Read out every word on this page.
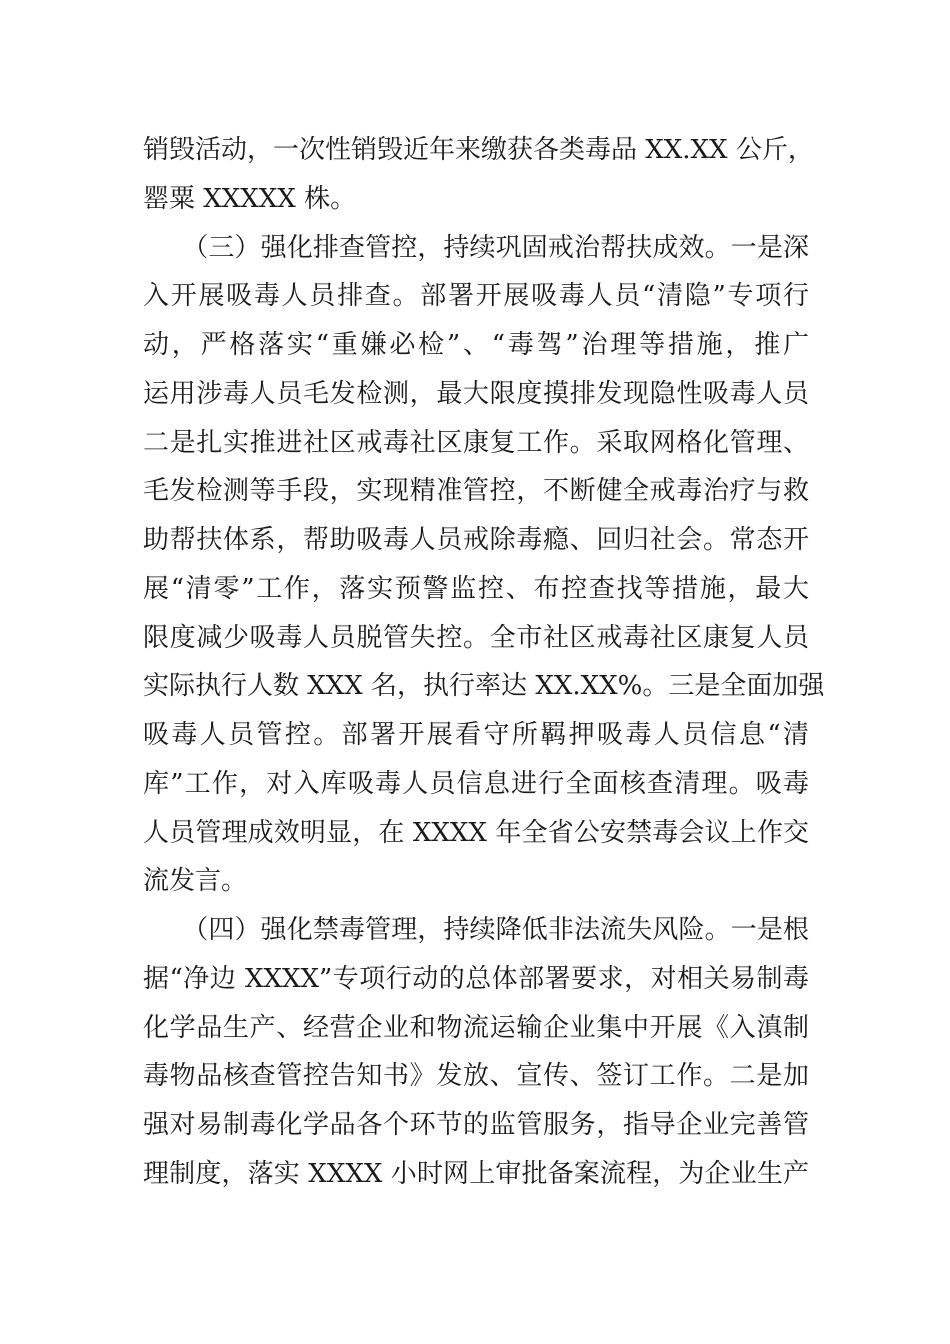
销毁活动，一次性销毁近年来缴获各类毒品 XX.XX 公斤，
罂粟 XXXXX 株。
　　（三）强化排查管控，持续巩固戒治帮扶成效。一是深
入开展吸毒人员排查。部署开展吸毒人员“清隐”专项行
动，严格落实“重嫌必检”、“毒驾”治理等措施，推广
运用涉毒人员毛发检测，最大限度摸排发现隐性吸毒人员
二是扎实推进社区戒毒社区康复工作。采取网格化管理、
毛发检测等手段，实现精准管控，不断健全戒毒治疗与救
助帮扶体系，帮助吸毒人员戒除毒瘾、回归社会。常态开
展“清零”工作，落实预警监控、布控查找等措施，最大
限度减少吸毒人员脱管失控。全市社区戒毒社区康复人员
实际执行人数 XXX 名，执行率达 XX.XX%。三是全面加强
吸毒人员管控。部署开展看守所羁押吸毒人员信息“清
库”工作，对入库吸毒人员信息进行全面核查清理。吸毒
人员管理成效明显，在 XXXX 年全省公安禁毒会议上作交
流发言。
　　（四）强化禁毒管理，持续降低非法流失风险。一是根
据“净边 XXXX”专项行动的总体部署要求，对相关易制毒
化学品生产、经营企业和物流运输企业集中开展《入滇制
毒物品核查管控告知书》发放、宣传、签订工作。二是加
强对易制毒化学品各个环节的监管服务，指导企业完善管
理制度，落实 XXXX 小时网上审批备案流程，为企业生产
